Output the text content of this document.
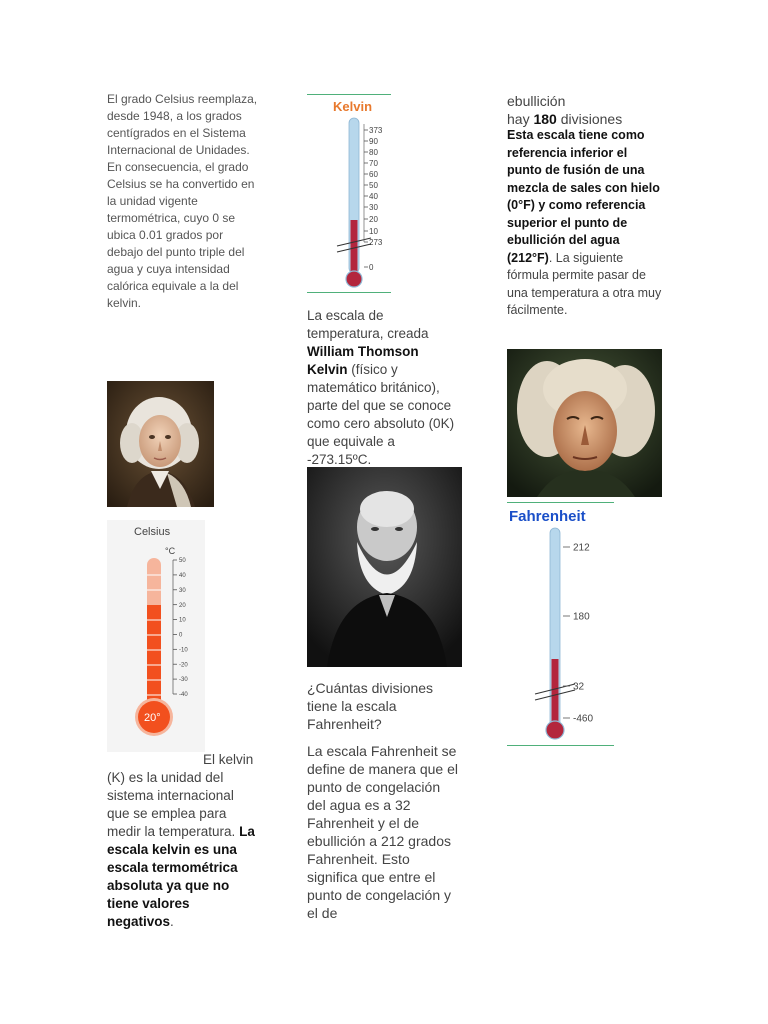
El grado Celsius reemplaza, desde 1948, a los grados centígrados en el Sistema Internacional de Unidades. En consecuencia, el grado Celsius se ha convertido en la unidad vigente termométrica, cuyo 0 se ubica 0.01 grados por debajo del punto triple del agua y cuya intensidad calórica equivale a la del kelvin.
Celsius
°C
20°
50
40
30
20
10
0
-10
-20
-30
-40
El kelvin
(K) es la unidad del sistema internacional que se emplea para medir la temperatura. La escala kelvin es una escala termométrica absoluta ya que no tiene valores negativos.
Kelvin
373
90
80
70
60
50
40
30
20
10
273
0
La escala de temperatura, creada William Thomson Kelvin (físico y matemático británico), parte del que se conoce como cero absoluto (0K) que equivale a -273.15ºC.
¿Cuántas divisiones tiene la escala Fahrenheit?
La escala Fahrenheit se define de manera que el punto de congelación del agua es a 32 Fahrenheit y el de ebullición a 212 grados Fahrenheit. Esto significa que entre el punto de congelación y el de
ebullición
hay 180 divisiones
Esta escala tiene como referencia inferior el punto de fusión de una mezcla de sales con hielo (0°F) y como referencia superior el punto de ebullición del agua (212°F). La siguiente fórmula permite pasar de una temperatura a otra muy fácilmente.
Fahrenheit
212
180
32
-460
